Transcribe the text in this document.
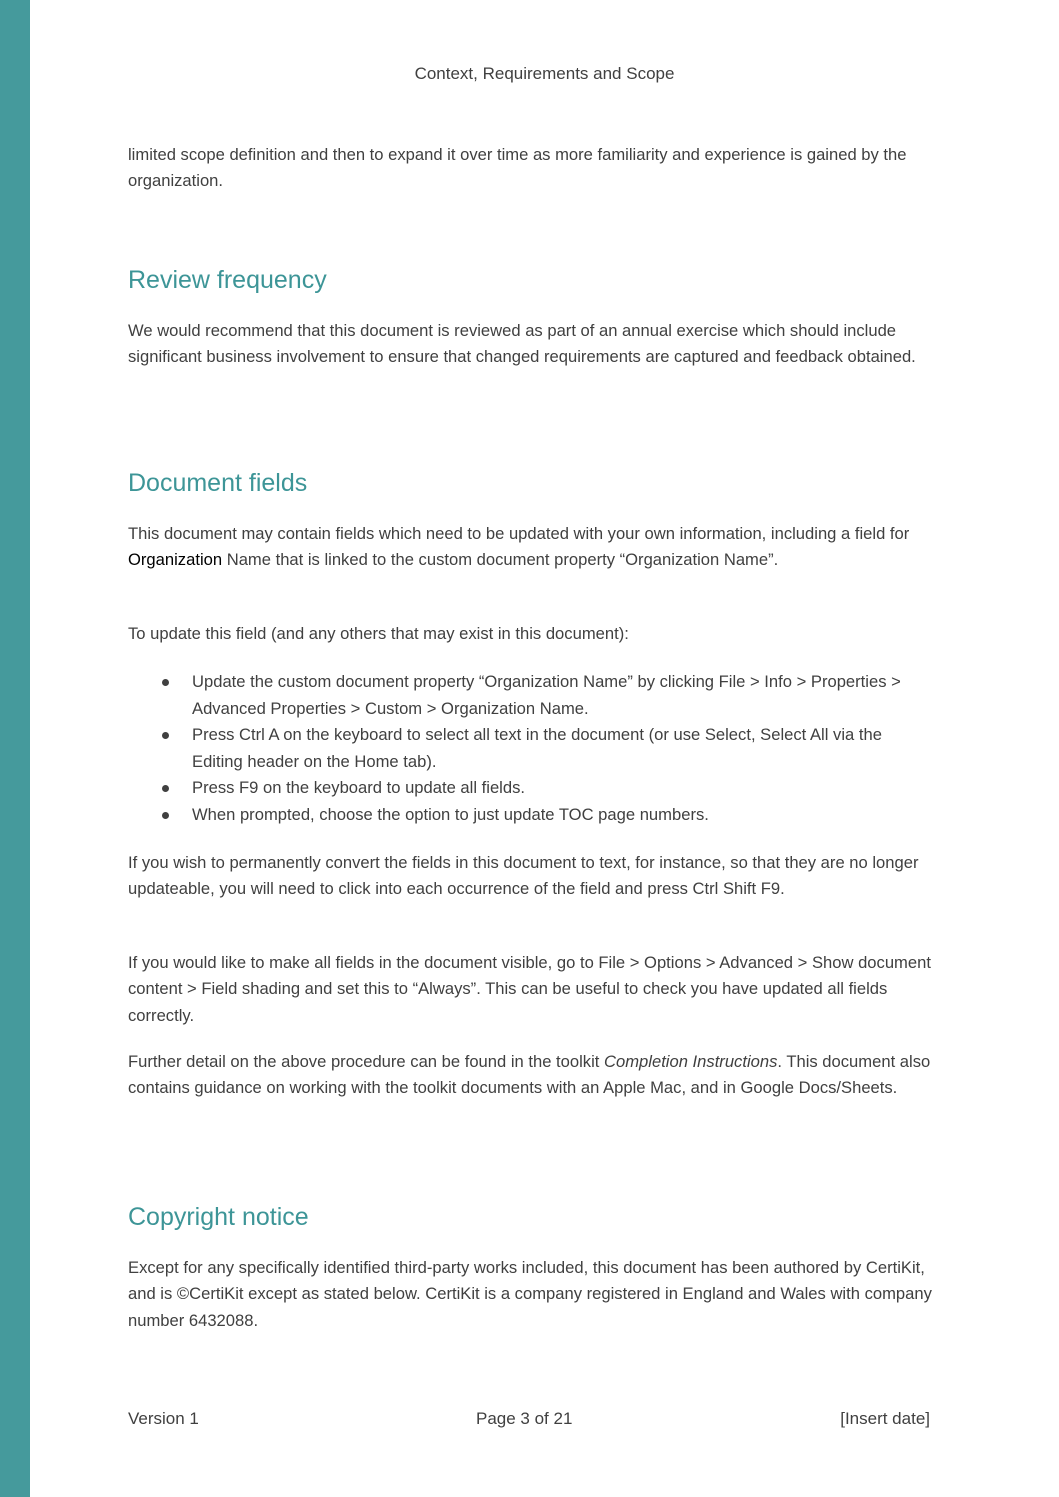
Context, Requirements and Scope
limited scope definition and then to expand it over time as more familiarity and experience is gained by the organization.
Review frequency
We would recommend that this document is reviewed as part of an annual exercise which should include significant business involvement to ensure that changed requirements are captured and feedback obtained.
Document fields
This document may contain fields which need to be updated with your own information, including a field for Organization Name that is linked to the custom document property “Organization Name”.
To update this field (and any others that may exist in this document):
Update the custom document property “Organization Name” by clicking File > Info > Properties > Advanced Properties > Custom > Organization Name.
Press Ctrl A on the keyboard to select all text in the document (or use Select, Select All via the Editing header on the Home tab).
Press F9 on the keyboard to update all fields.
When prompted, choose the option to just update TOC page numbers.
If you wish to permanently convert the fields in this document to text, for instance, so that they are no longer updateable, you will need to click into each occurrence of the field and press Ctrl Shift F9.
If you would like to make all fields in the document visible, go to File > Options > Advanced > Show document content > Field shading and set this to “Always”. This can be useful to check you have updated all fields correctly.
Further detail on the above procedure can be found in the toolkit Completion Instructions. This document also contains guidance on working with the toolkit documents with an Apple Mac, and in Google Docs/Sheets.
Copyright notice
Except for any specifically identified third-party works included, this document has been authored by CertiKit, and is ©CertiKit except as stated below. CertiKit is a company registered in England and Wales with company number 6432088.
Version 1	Page 3 of 21	[Insert date]
